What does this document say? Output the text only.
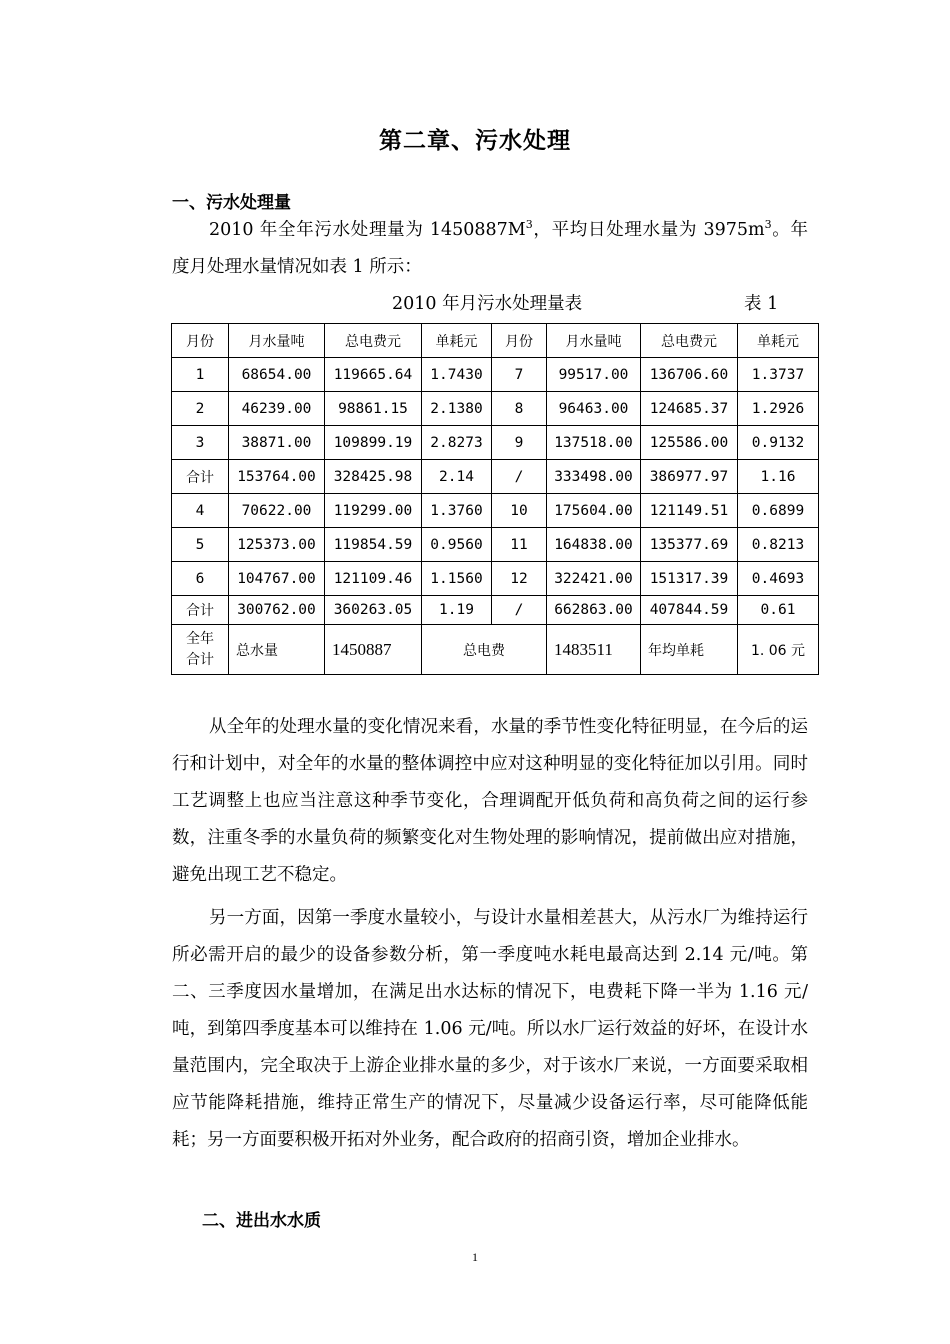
第二章、污水处理
一、污水处理量

2010 年全年污水处理量为 $1450887M^3$，平均日处理水量为 $3975m^3$。年度月处理水量情况如表 1 所示：

2010 年月污水处理量表	表 1
月份	月水量吨	总电费元	单耗元	月份	月水量吨	总电费元	单耗元
1	68654.00	119665.64	1.7430	7	99517.00	136706.60	1.3737
2	46239.00	98861.15	2.1380	8	96463.00	124685.37	1.2926
3	38871.00	109899.19	2.8273	9	137518.00	125586.00	0.9132
合计	153764.00	328425.98	2.14	/	333498.00	386977.97	1.16
4	70622.00	119299.00	1.3760	10	175604.00	121149.51	0.6899
5	125373.00	119854.59	0.9560	11	164838.00	135377.69	0.8213
6	104767.00	121109.46	1.1560	12	322421.00	151317.39	0.4693
合计	300762.00	360263.05	1.19	/	662863.00	407844.59	0.61

全年
合计	总水量	1450887	总电费		1483511	年均单耗	1. 06 元

从全年的处理水量的变化情况来看，水量的季节性变化特征明显，在今后的运行和计划中，对全年的水量的整体调控中应对这种明显的变化特征加以引用。同时工艺调整上也应当注意这种季节变化，合理调配开低负荷和高负荷之间的运行参数，注重冬季的水量负荷的频繁变化对生物处理的影响情况，提前做出应对措施，避免出现工艺不稳定。

另一方面，因第一季度水量较小，与设计水量相差甚大，从污水厂为维持运行所必需开启的最少的设备参数分析，第一季度吨水耗电最高达到 2.14 元/吨。第二、三季度因水量增加，在满足出水达标的情况下，电费耗下降一半为 1.16 元/吨，到第四季度基本可以维持在 1.06 元/吨。所以水厂运行效益的好坏，在设计水量范围内，完全取决于上游企业排水量的多少，对于该水厂来说，一方面要采取相应节能降耗措施，维持正常生产的情况下，尽量减少设备运行率，尽可能降低能耗；另一方面要积极开拓对外业务，配合政府的招商引资，增加企业排水。

二、进出水水质
1
